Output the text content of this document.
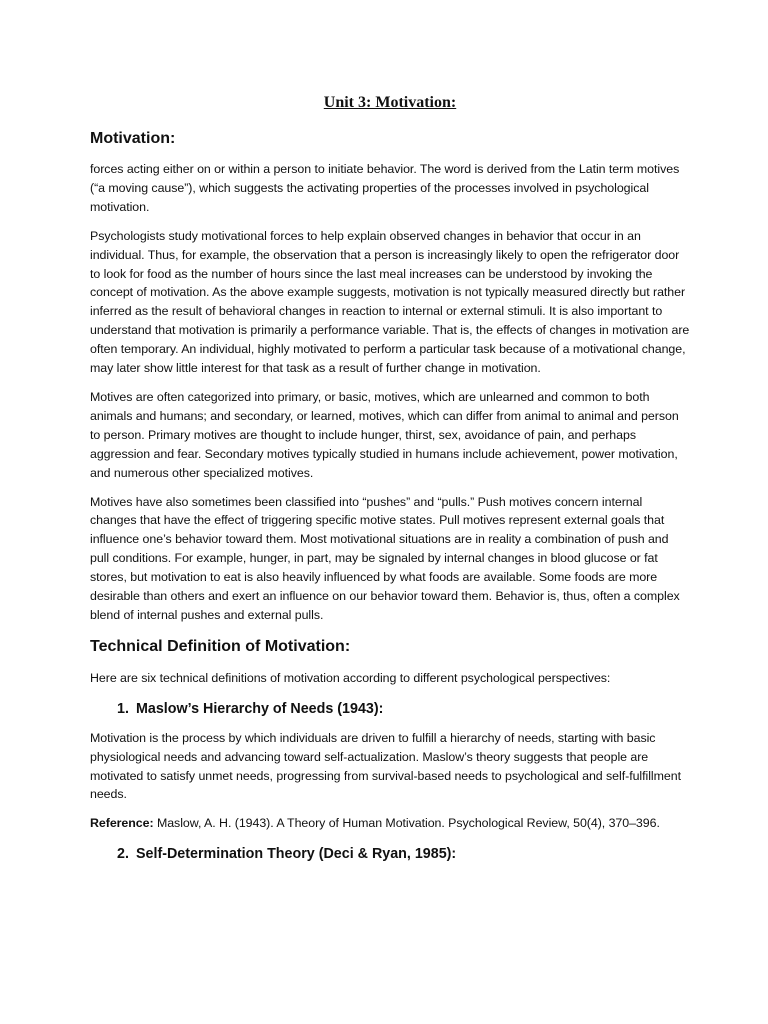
Unit 3: Motivation:
Motivation:

forces acting either on or within a person to initiate behavior. The word is derived from the Latin term motives (“a moving cause”), which suggests the activating properties of the processes involved in psychological motivation.

Psychologists study motivational forces to help explain observed changes in behavior that occur in an individual. Thus, for example, the observation that a person is increasingly likely to open the refrigerator door to look for food as the number of hours since the last meal increases can be understood by invoking the concept of motivation. As the above example suggests, motivation is not typically measured directly but rather inferred as the result of behavioral changes in reaction to internal or external stimuli. It is also important to understand that motivation is primarily a performance variable. That is, the effects of changes in motivation are often temporary. An individual, highly motivated to perform a particular task because of a motivational change, may later show little interest for that task as a result of further change in motivation.

Motives are often categorized into primary, or basic, motives, which are unlearned and common to both animals and humans; and secondary, or learned, motives, which can differ from animal to animal and person to person. Primary motives are thought to include hunger, thirst, sex, avoidance of pain, and perhaps aggression and fear. Secondary motives typically studied in humans include achievement, power motivation, and numerous other specialized motives.

Motives have also sometimes been classified into “pushes” and “pulls.” Push motives concern internal changes that have the effect of triggering specific motive states. Pull motives represent external goals that influence one’s behavior toward them. Most motivational situations are in reality a combination of push and pull conditions. For example, hunger, in part, may be signaled by internal changes in blood glucose or fat stores, but motivation to eat is also heavily influenced by what foods are available. Some foods are more desirable than others and exert an influence on our behavior toward them. Behavior is, thus, often a complex blend of internal pushes and external pulls.

Technical Definition of Motivation:

Here are six technical definitions of motivation according to different psychological perspectives:

1. Maslow’s Hierarchy of Needs (1943):

Motivation is the process by which individuals are driven to fulfill a hierarchy of needs, starting with basic physiological needs and advancing toward self-actualization. Maslow’s theory suggests that people are motivated to satisfy unmet needs, progressing from survival-based needs to psychological and self-fulfillment needs.

Reference: Maslow, A. H. (1943). A Theory of Human Motivation. Psychological Review, 50(4), 370–396.

2. Self-Determination Theory (Deci & Ryan, 1985):
